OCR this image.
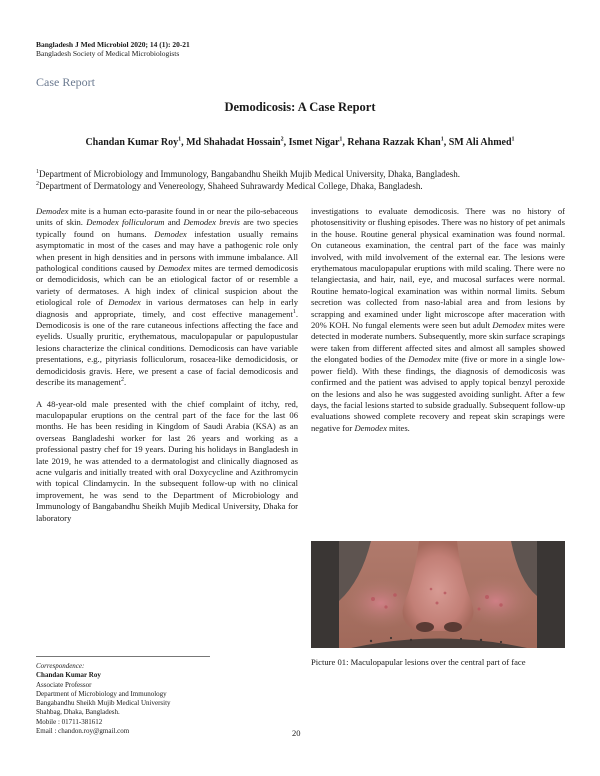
Bangladesh J Med Microbiol 2020; 14 (1): 20-21
Bangladesh Society of Medical Microbiologists
Case Report
Demodicosis: A Case Report
Chandan Kumar Roy$^1$, Md Shahadat Hossain$^2$, Ismet Nigar$^1$, Rehana Razzak Khan$^1$, SM Ali Ahmed$^1$
$^1$Department of Microbiology and Immunology, Bangabandhu Sheikh Mujib Medical University, Dhaka, Bangladesh.
$^2$Department of Dermatology and Venereology, Shaheed Suhrawardy Medical College, Dhaka, Bangladesh.

Demodex mite is a human ecto-parasite found in or near the pilo-sebaceous units of skin. Demodex folliculorum and Demodex brevis are two species typically found on humans. Demodex infestation usually remains asymptomatic in most of the cases and may have a pathogenic role only when present in high densities and in persons with immune imbalance. All pathological conditions caused by Demodex mites are termed demodicosis or demodicidosis, which can be an etiological factor of or resemble a variety of dermatoses. A high index of clinical suspicion about the etiological role of Demodex in various dermatoses can help in early diagnosis and appropriate, timely, and cost effective management$^1$. Demodicosis is one of the rare cutaneous infections affecting the face and eyelids. Usually pruritic, erythematous, maculopapular or papulopustular lesions characterize the clinical conditions. Demodicosis can have variable presentations, e.g., pityriasis folliculorum, rosacea-like demodicidosis, or demodicidosis gravis. Here, we present a case of facial demodicosis and describe its management$^2$.

A 48-year-old male presented with the chief complaint of itchy, red, maculopapular eruptions on the central part of the face for the last 06 months. He has been residing in Kingdom of Saudi Arabia (KSA) as an overseas Bangladeshi worker for last 26 years and working as a professional pastry chef for 19 years. During his holidays in Bangladesh in late 2019, he was attended to a dermatologist and clinically diagnosed as acne vulgaris and initially treated with oral Doxycycline and Azithromycin with topical Clindamycin. In the subsequent follow-up with no clinical improvement, he was send to the Department of Microbiology and Immunology of Bangabandhu Sheikh Mujib Medical University, Dhaka for laboratory

investigations to evaluate demodicosis. There was no history of photosensitivity or flushing episodes. There was no history of pet animals in the house. Routine general physical examination was found normal. On cutaneous examination, the central part of the face was mainly involved, with mild involvement of the external ear. The lesions were erythematous maculopapular eruptions with mild scaling. There were no telangiectasia, and hair, nail, eye, and mucosal surfaces were normal. Routine hemato-logical examination was within normal limits. Sebum secretion was collected from naso-labial area and from lesions by scrapping and examined under light microscope after maceration with 20% KOH. No fungal elements were seen but adult Demodex mites were detected in moderate numbers. Subsequently, more skin surface scrapings were taken from different affected sites and almost all samples showed the elongated bodies of the Demodex mite (five or more in a single low-power field). With these findings, the diagnosis of demodicosis was confirmed and the patient was advised to apply topical benzyl peroxide on the lesions and also he was suggested avoiding sunlight. After a few days, the facial lesions started to subside gradually. Subsequent follow-up evaluations showed complete recovery and repeat skin scrapings were negative for Demodex mites.

Picture 01: Maculopapular lesions over the central part of face
Correspondence:
Chandan Kumar Roy
Associate Professor
Department of Microbiology and Immunology
Bangabandhu Sheikh Mujib Medical University
Shahbag, Dhaka, Bangladesh.
Mobile : 01711-381612
Email : chandon.roy@gmail.com	20
